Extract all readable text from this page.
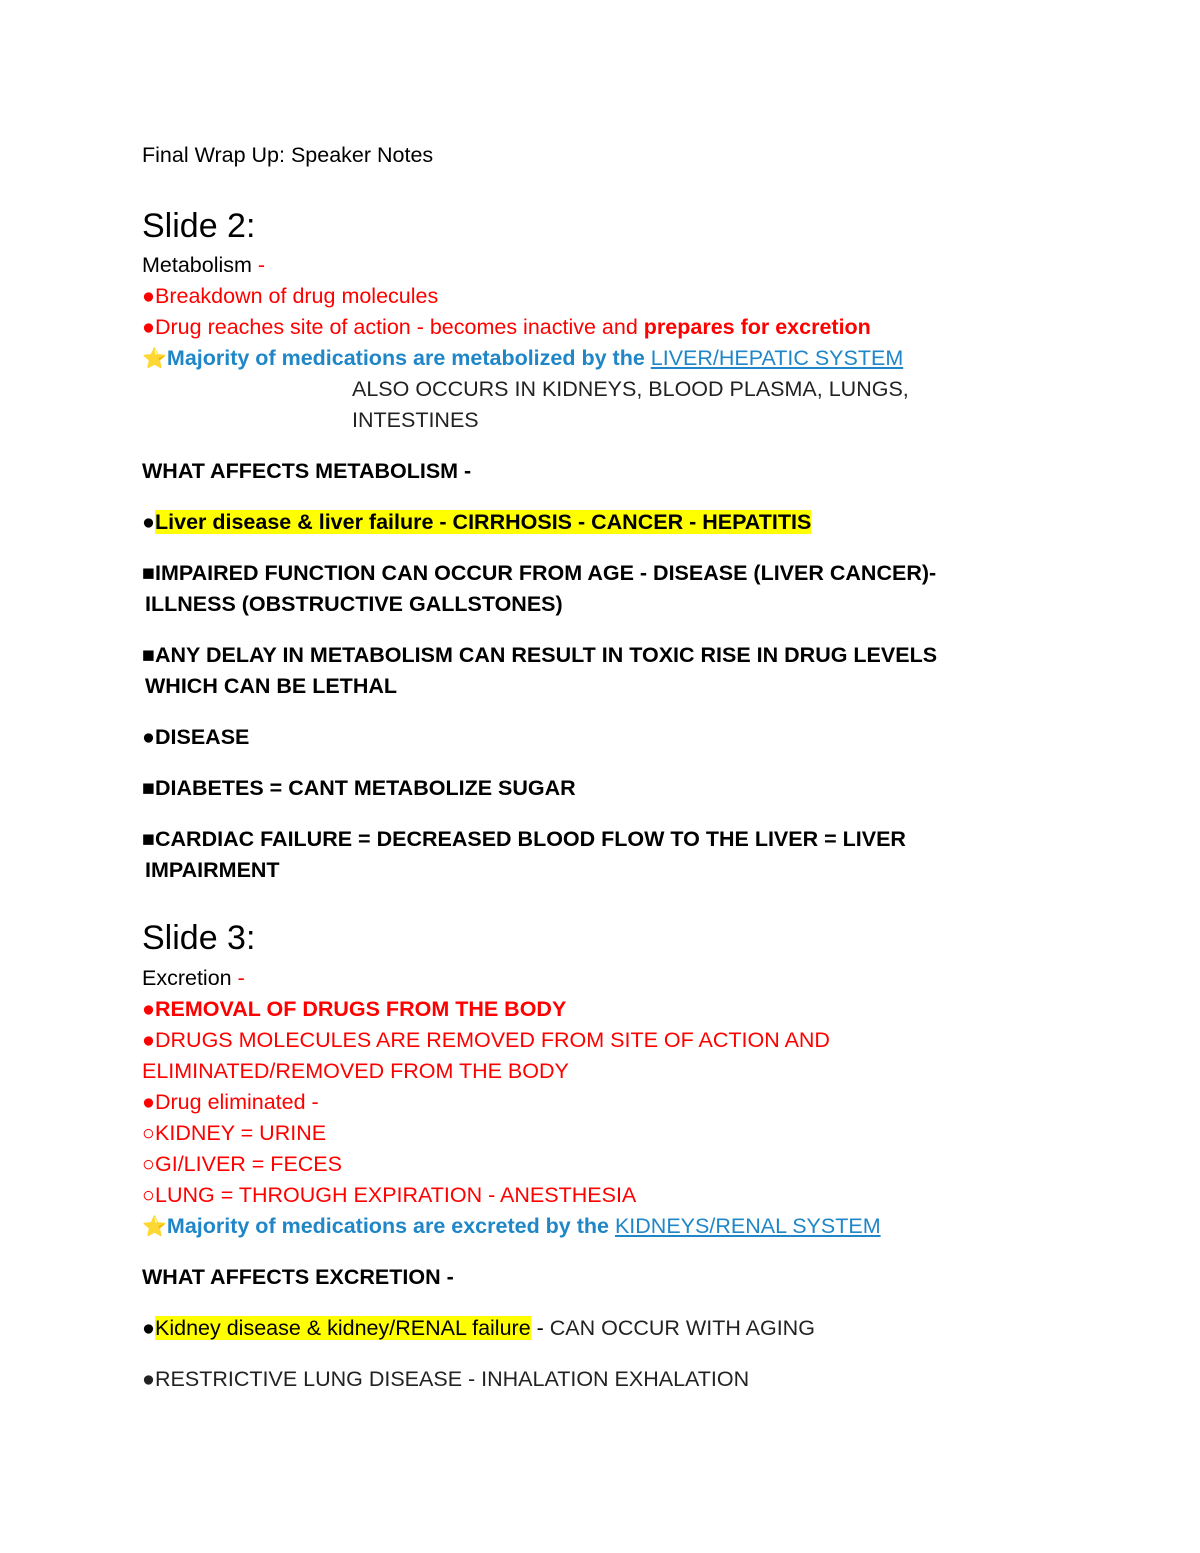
Final Wrap Up: Speaker Notes
Slide 2:
Metabolism -
●Breakdown of drug molecules
●Drug reaches site of action - becomes inactive and prepares for excretion
⭐Majority of medications are metabolized by the LIVER/HEPATIC SYSTEM
ALSO OCCURS IN KIDNEYS, BLOOD PLASMA, LUNGS,
INTESTINES
WHAT AFFECTS METABOLISM -
●Liver disease & liver failure - CIRRHOSIS - CANCER - HEPATITIS
■IMPAIRED FUNCTION CAN OCCUR FROM AGE - DISEASE (LIVER CANCER)-
ILLNESS (OBSTRUCTIVE GALLSTONES)
■ANY DELAY IN METABOLISM CAN RESULT IN TOXIC RISE IN DRUG LEVELS
WHICH CAN BE LETHAL
●DISEASE
■DIABETES = CANT METABOLIZE SUGAR
■CARDIAC FAILURE = DECREASED BLOOD FLOW TO THE LIVER = LIVER
IMPAIRMENT
Slide 3:
Excretion -
●REMOVAL OF DRUGS FROM THE BODY
●DRUGS MOLECULES ARE REMOVED FROM SITE OF ACTION AND
ELIMINATED/REMOVED FROM THE BODY
●Drug eliminated -
○KIDNEY = URINE
○GI/LIVER = FECES
○LUNG = THROUGH EXPIRATION - ANESTHESIA
⭐Majority of medications are excreted by the KIDNEYS/RENAL SYSTEM
WHAT AFFECTS EXCRETION -
●Kidney disease & kidney/RENAL failure - CAN OCCUR WITH AGING
●RESTRICTIVE LUNG DISEASE - INHALATION EXHALATION
